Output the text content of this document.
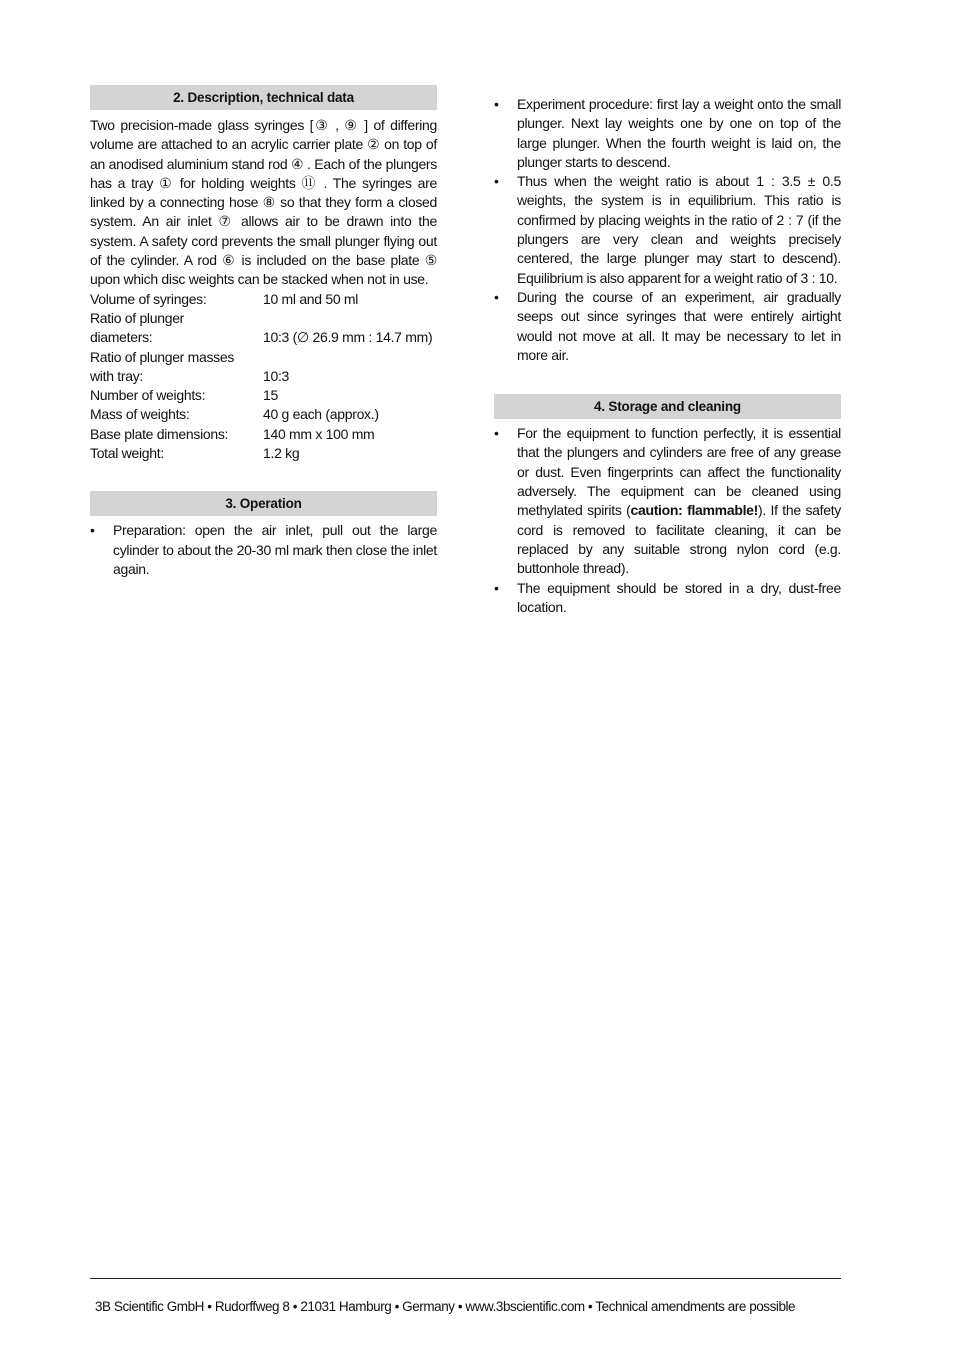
2. Description, technical data

Two precision-made glass syringes [③ , ⑨ ] of differing volume are attached to an acrylic carrier plate ② on top of an anodised aluminium stand rod ④ . Each of the plungers has a tray ① for holding weights ⑪ . The syringes are linked by a connecting hose ⑧ so that they form a closed system. An air inlet ⑦ allows air to be drawn into the system. A safety cord prevents the small plunger flying out of the cylinder. A rod ⑥ is included on the base plate ⑤ upon which disc weights can be stacked when not in use.

Volume of syringes:	10 ml and 50 ml
Ratio of plunger
diameters:	10:3 (∅ 26.9 mm : 14.7 mm)
Ratio of plunger masses
with tray:	10:3
Number of weights:	15
Mass of weights:	40 g each (approx.)
Base plate dimensions:	140 mm x 100 mm
Total weight:	1.2 kg
3. Operation
•	Preparation: open the air inlet, pull out the large cylinder to about the 20-30 ml mark then close the inlet again.
•	Experiment procedure: first lay a weight onto the small plunger. Next lay weights one by one on top of the large plunger. When the fourth weight is laid on, the plunger starts to descend.
•	Thus when the weight ratio is about 1 : 3.5 ± 0.5 weights, the system is in equilibrium. This ratio is confirmed by placing weights in the ratio of 2 : 7 (if the plungers are very clean and weights precisely centered, the large plunger may start to descend). Equilibrium is also apparent for a weight ratio of 3 : 10.
•	During the course of an experiment, air gradually seeps out since syringes that were entirely airtight would not move at all. It may be necessary to let in more air.
4. Storage and cleaning
•	For the equipment to function perfectly, it is essential that the plungers and cylinders are free of any grease or dust. Even fingerprints can affect the functionality adversely. The equipment can be cleaned using methylated spirits (caution: flammable!). If the safety cord is removed to facilitate cleaning, it can be replaced by any suitable strong nylon cord (e.g. buttonhole thread).
•	The equipment should be stored in a dry, dust-free location.
3B Scientific GmbH • Rudorffweg 8 • 21031 Hamburg • Germany • www.3bscientific.com • Technical amendments are possible
